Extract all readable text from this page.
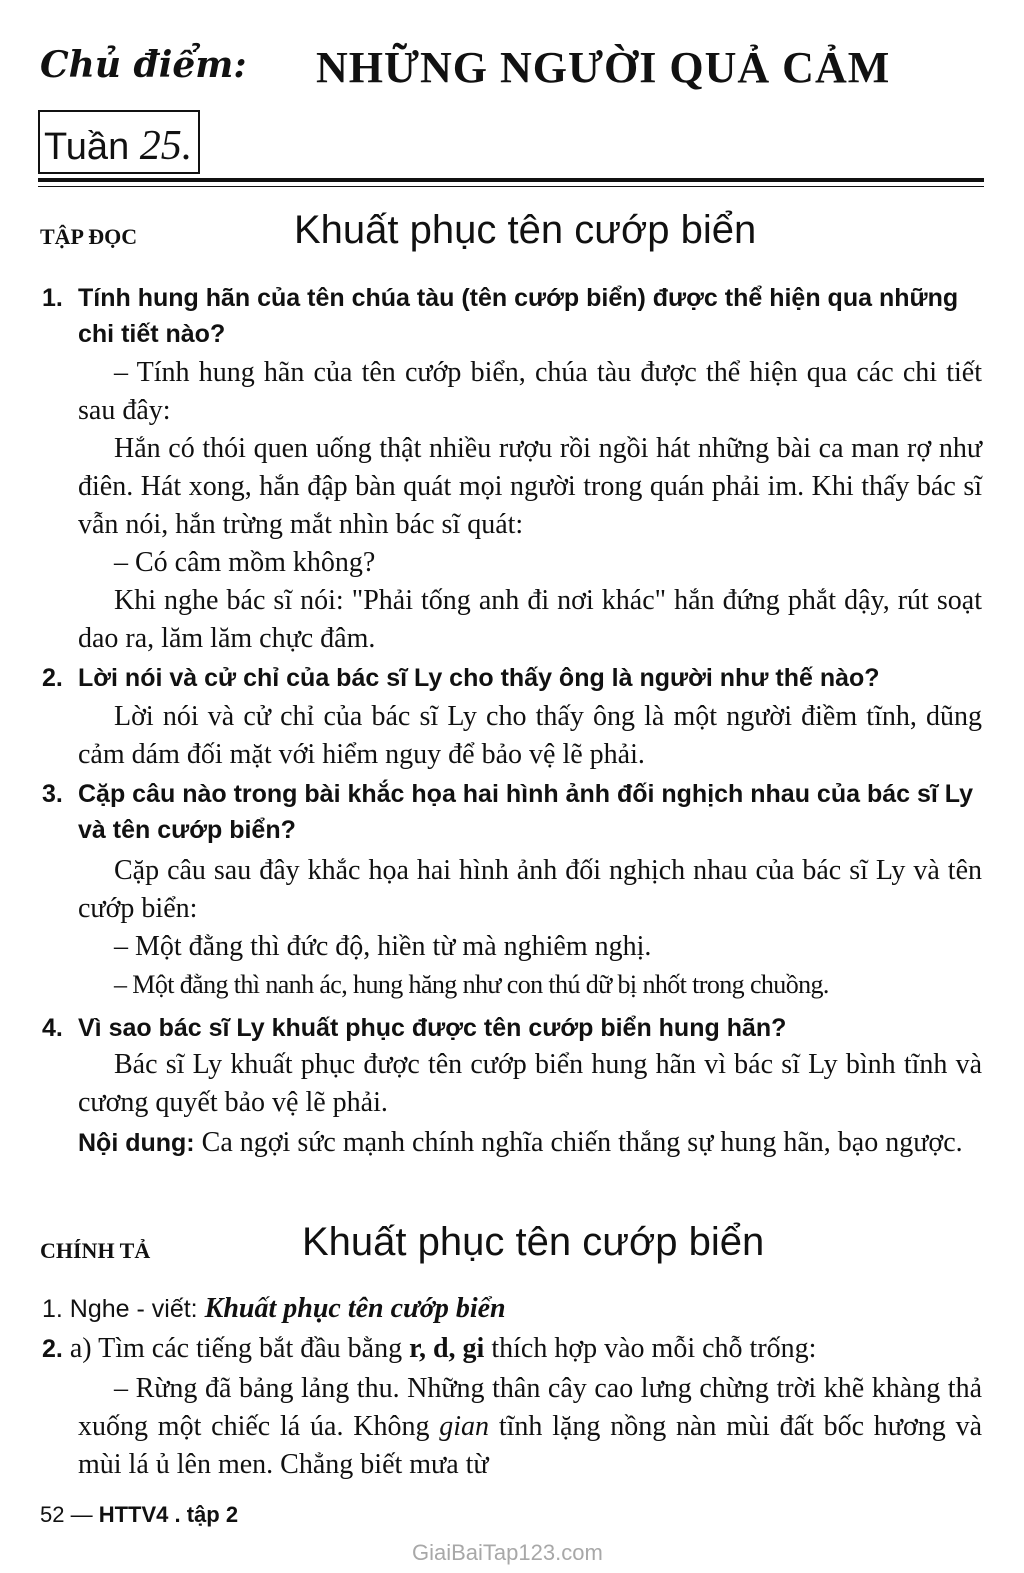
Chủ điểm: NHỮNG NGƯỜI QUẢ CẢM
Tuần 25.
TẬP ĐỌC	Khuất phục tên cướp biển
1. Tính hung hãn của tên chúa tàu (tên cướp biển) được thể hiện qua những chi tiết nào?
– Tính hung hãn của tên cướp biển, chúa tàu được thể hiện qua các chi tiết sau đây:
Hắn có thói quen uống thật nhiều rượu rồi ngồi hát những bài ca man rợ như điên. Hát xong, hắn đập bàn quát mọi người trong quán phải im. Khi thấy bác sĩ vẫn nói, hắn trừng mắt nhìn bác sĩ quát:
– Có câm mồm không?
Khi nghe bác sĩ nói: "Phải tống anh đi nơi khác" hắn đứng phắt dậy, rút soạt dao ra, lăm lăm chực đâm.
2. Lời nói và cử chỉ của bác sĩ Ly cho thấy ông là người như thế nào?
Lời nói và cử chỉ của bác sĩ Ly cho thấy ông là một người điềm tĩnh, dũng cảm dám đối mặt với hiểm nguy để bảo vệ lẽ phải.
3. Cặp câu nào trong bài khắc họa hai hình ảnh đối nghịch nhau của bác sĩ Ly và tên cướp biển?
Cặp câu sau đây khắc họa hai hình ảnh đối nghịch nhau của bác sĩ Ly và tên cướp biển:
– Một đằng thì đức độ, hiền từ mà nghiêm nghị.
– Một đằng thì nanh ác, hung hăng như con thú dữ bị nhốt trong chuồng.
4. Vì sao bác sĩ Ly khuất phục được tên cướp biển hung hãn?
Bác sĩ Ly khuất phục được tên cướp biển hung hãn vì bác sĩ Ly bình tĩnh và cương quyết bảo vệ lẽ phải.
Nội dung: Ca ngợi sức mạnh chính nghĩa chiến thắng sự hung hãn, bạo ngược.
CHÍNH TẢ	Khuất phục tên cướp biển
1. Nghe - viết: Khuất phục tên cướp biển
2. a) Tìm các tiếng bắt đầu bằng r, d, gi thích hợp vào mỗi chỗ trống:
– Rừng đã bảng lảng thu. Những thân cây cao lưng chừng trời khẽ khàng thả xuống một chiếc lá úa. Không gian tĩnh lặng nồng nàn mùi đất bốc hương và mùi lá ủ lên men. Chẳng biết mưa từ
52 — HTTV4 . tập 2
GiaiBaiTap123.com
